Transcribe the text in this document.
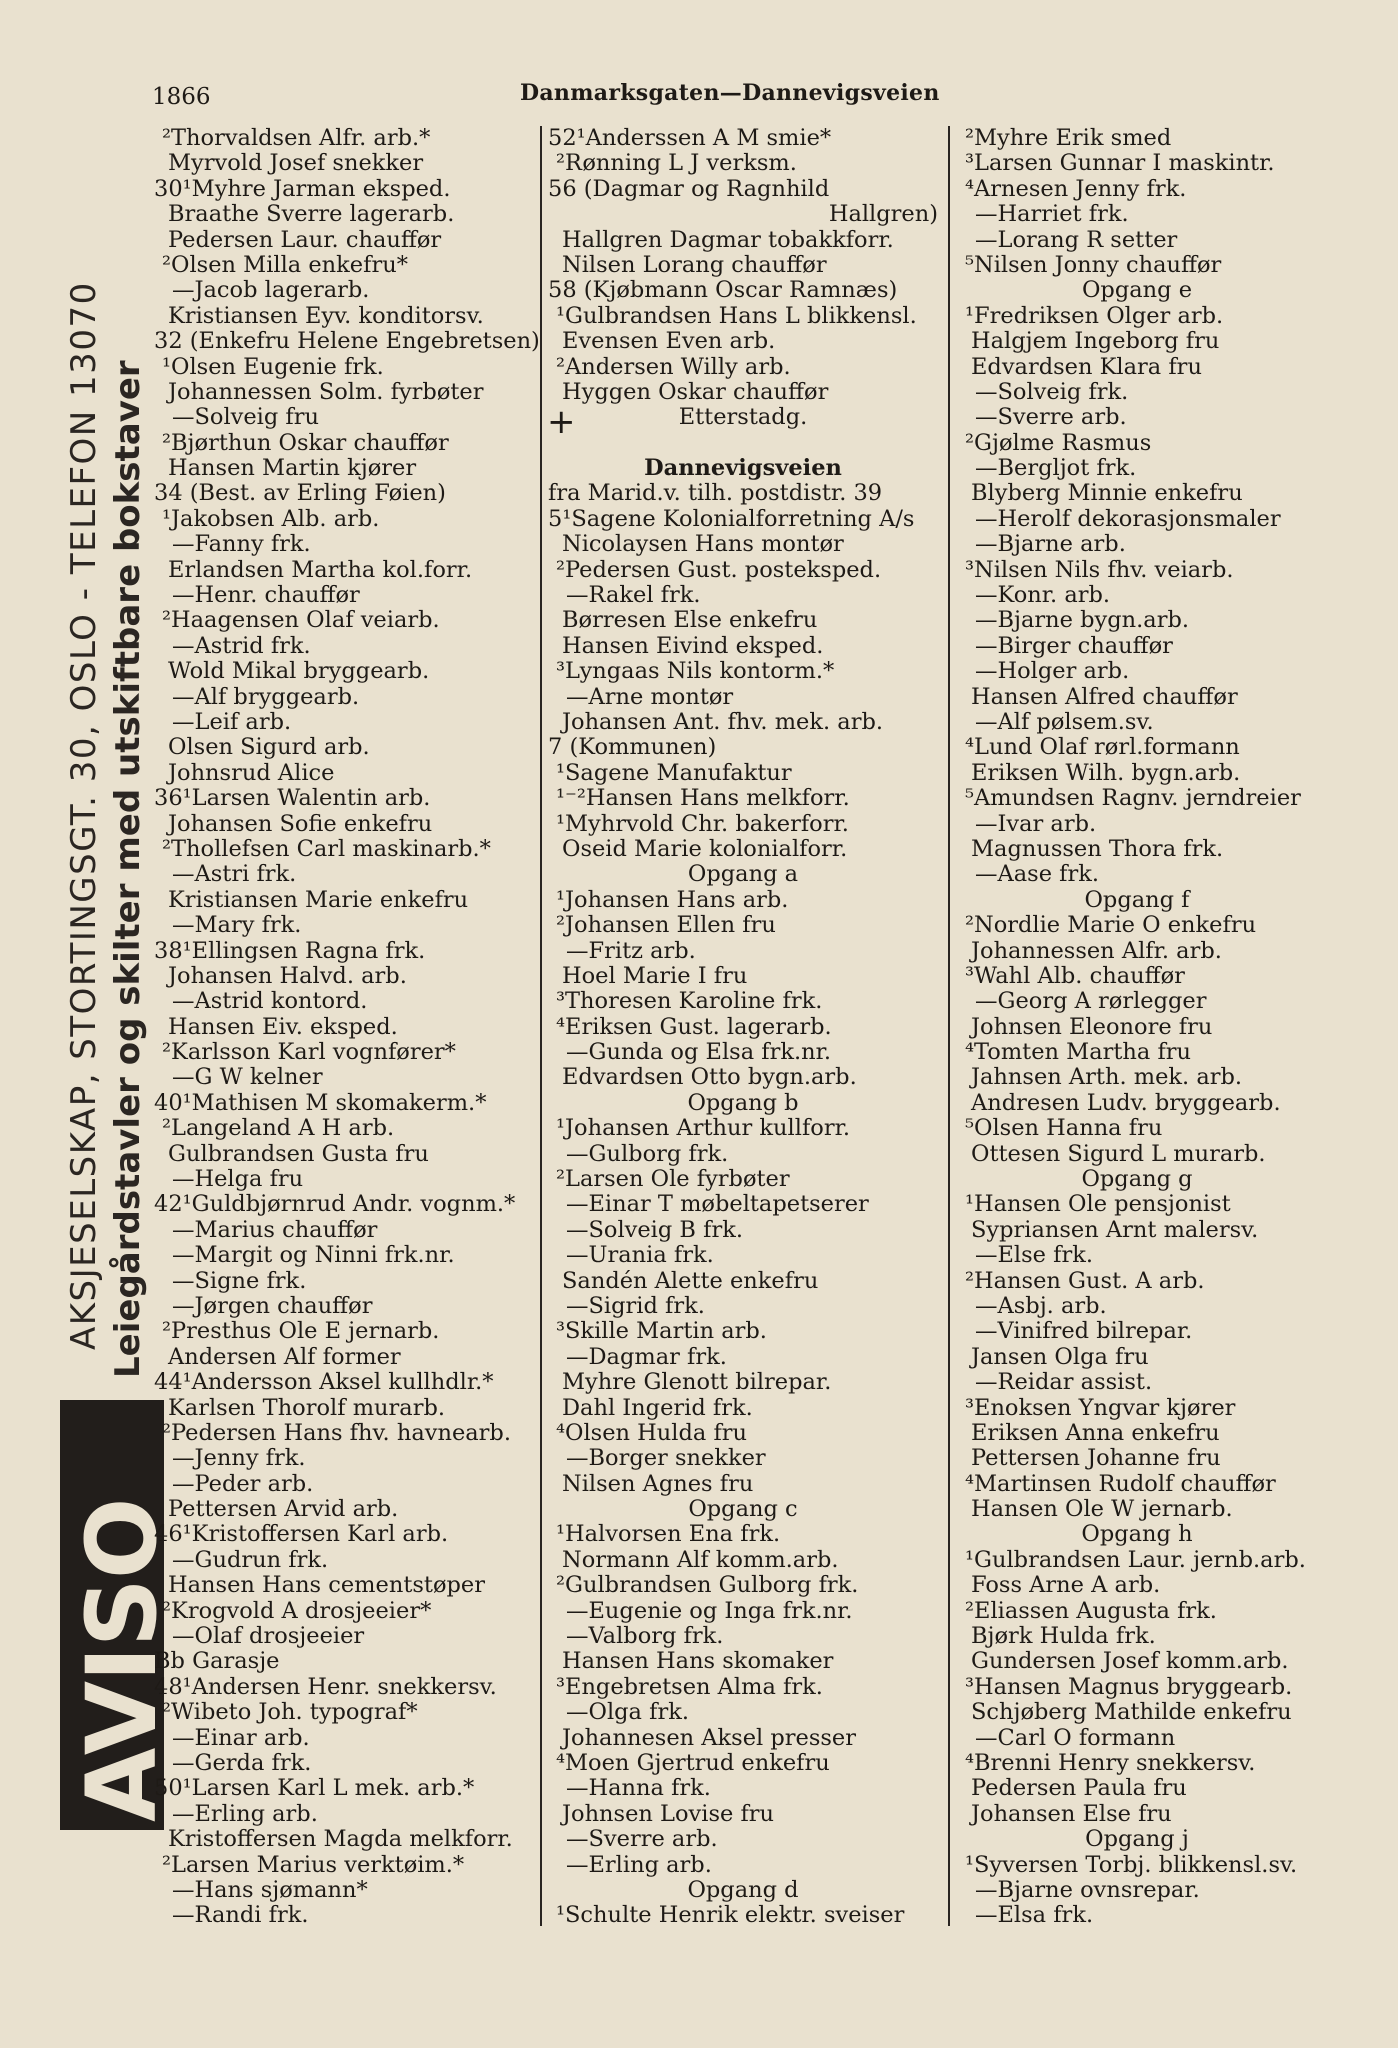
1866	Danmarksgaten—Dannevigsveien
AKSJESELSKAP, STORTINGSGT. 30, OSLO - TELEFON 13070 Leiegårdstavler og skilter med utskiftbare bokstaver
AVISO
+
²Thorvaldsen Alfr. arb.*
Myrvold Josef snekker
30¹Myhre Jarman eksped.
Braathe Sverre lagerarb.
Pedersen Laur. chauffør
²Olsen Milla enkefru*
—Jacob lagerarb.
Kristiansen Eyv. konditorsv.
32 (Enkefru Helene Engebretsen)
¹Olsen Eugenie frk.
Johannessen Solm. fyrbøter
—Solveig fru
²Bjørthun Oskar chauffør
Hansen Martin kjører
34 (Best. av Erling Føien)
¹Jakobsen Alb. arb.
—Fanny frk.
Erlandsen Martha kol.forr.
—Henr. chauffør
²Haagensen Olaf veiarb.
—Astrid frk.
Wold Mikal bryggearb.
—Alf bryggearb.
—Leif arb.
Olsen Sigurd arb.
Johnsrud Alice
36¹Larsen Walentin arb.
Johansen Sofie enkefru
²Thollefsen Carl maskinarb.*
—Astri frk.
Kristiansen Marie enkefru
—Mary frk.
38¹Ellingsen Ragna frk.
Johansen Halvd. arb.
—Astrid kontord.
Hansen Eiv. eksped.
²Karlsson Karl vognfører*
—G W kelner
40¹Mathisen M skomakerm.*
²Langeland A H arb.
Gulbrandsen Gusta fru
—Helga fru
42¹Guldbjørnrud Andr. vognm.*
—Marius chauffør
—Margit og Ninni frk.nr.
—Signe frk.
—Jørgen chauffør
²Presthus Ole E jernarb.
Andersen Alf former
44¹Andersson Aksel kullhdlr.*
Karlsen Thorolf murarb.
²Pedersen Hans fhv. havnearb.
—Jenny frk.
—Peder arb.
Pettersen Arvid arb.
46¹Kristoffersen Karl arb.
—Gudrun frk.
Hansen Hans cementstøper
²Krogvold A drosjeeier*
—Olaf drosjeeier
Bb Garasje
48¹Andersen Henr. snekkersv.
²Wibeto Joh. typograf*
—Einar arb.
—Gerda frk.
50¹Larsen Karl L mek. arb.*
—Erling arb.
Kristoffersen Magda melkforr.
²Larsen Marius verktøim.*
—Hans sjømann*
—Randi frk.
52¹Anderssen A M smie*
²Rønning L J verksm.
56 (Dagmar og Ragnhild
Hallgren)
Hallgren Dagmar tobakkforr.
Nilsen Lorang chauffør
58 (Kjøbmann Oscar Ramnæs)
¹Gulbrandsen Hans L blikkensl.
Evensen Even arb.
²Andersen Willy arb.
Hyggen Oskar chauffør
Etterstadg.
Dannevigsveien
fra Marid.v. tilh. postdistr. 39
5¹Sagene Kolonialforretning A/s
Nicolaysen Hans montør
²Pedersen Gust. posteksped.
—Rakel frk.
Børresen Else enkefru
Hansen Eivind eksped.
³Lyngaas Nils kontorm.*
—Arne montør
Johansen Ant. fhv. mek. arb.
7 (Kommunen)
¹Sagene Manufaktur
¹⁻²Hansen Hans melkforr.
¹Myhrvold Chr. bakerforr.
Oseid Marie kolonialforr.
Opgang a
¹Johansen Hans arb.
²Johansen Ellen fru
—Fritz arb.
Hoel Marie I fru
³Thoresen Karoline frk.
⁴Eriksen Gust. lagerarb.
—Gunda og Elsa frk.nr.
Edvardsen Otto bygn.arb.
Opgang b
¹Johansen Arthur kullforr.
—Gulborg frk.
²Larsen Ole fyrbøter
—Einar T møbeltapetserer
—Solveig B frk.
—Urania frk.
Sandén Alette enkefru
—Sigrid frk.
³Skille Martin arb.
—Dagmar frk.
Myhre Glenott bilrepar.
Dahl Ingerid frk.
⁴Olsen Hulda fru
—Borger snekker
Nilsen Agnes fru
Opgang c
¹Halvorsen Ena frk.
Normann Alf komm.arb.
²Gulbrandsen Gulborg frk.
—Eugenie og Inga frk.nr.
—Valborg frk.
Hansen Hans skomaker
³Engebretsen Alma frk.
—Olga frk.
Johannesen Aksel presser
⁴Moen Gjertrud enkefru
—Hanna frk.
Johnsen Lovise fru
—Sverre arb.
—Erling arb.
Opgang d
¹Schulte Henrik elektr. sveiser
²Myhre Erik smed
³Larsen Gunnar I maskintr.
⁴Arnesen Jenny frk.
—Harriet frk.
—Lorang R setter
⁵Nilsen Jonny chauffør
Opgang e
¹Fredriksen Olger arb.
Halgjem Ingeborg fru
Edvardsen Klara fru
—Solveig frk.
—Sverre arb.
²Gjølme Rasmus
—Bergljot frk.
Blyberg Minnie enkefru
—Herolf dekorasjonsmaler
—Bjarne arb.
³Nilsen Nils fhv. veiarb.
—Konr. arb.
—Bjarne bygn.arb.
—Birger chauffør
—Holger arb.
Hansen Alfred chauffør
—Alf pølsem.sv.
⁴Lund Olaf rørl.formann
Eriksen Wilh. bygn.arb.
⁵Amundsen Ragnv. jerndreier
—Ivar arb.
Magnussen Thora frk.
—Aase frk.
Opgang f
²Nordlie Marie O enkefru
Johannessen Alfr. arb.
³Wahl Alb. chauffør
—Georg A rørlegger
Johnsen Eleonore fru
⁴Tomten Martha fru
Jahnsen Arth. mek. arb.
Andresen Ludv. bryggearb.
⁵Olsen Hanna fru
Ottesen Sigurd L murarb.
Opgang g
¹Hansen Ole pensjonist
Sypriansen Arnt malersv.
—Else frk.
²Hansen Gust. A arb.
—Asbj. arb.
—Vinifred bilrepar.
Jansen Olga fru
—Reidar assist.
³Enoksen Yngvar kjører
Eriksen Anna enkefru
Pettersen Johanne fru
⁴Martinsen Rudolf chauffør
Hansen Ole W jernarb.
Opgang h
¹Gulbrandsen Laur. jernb.arb.
Foss Arne A arb.
²Eliassen Augusta frk.
Bjørk Hulda frk.
Gundersen Josef komm.arb.
³Hansen Magnus bryggearb.
Schjøberg Mathilde enkefru
—Carl O formann
⁴Brenni Henry snekkersv.
Pedersen Paula fru
Johansen Else fru
Opgang j
¹Syversen Torbj. blikkensl.sv.
—Bjarne ovnsrepar.
—Elsa frk.
